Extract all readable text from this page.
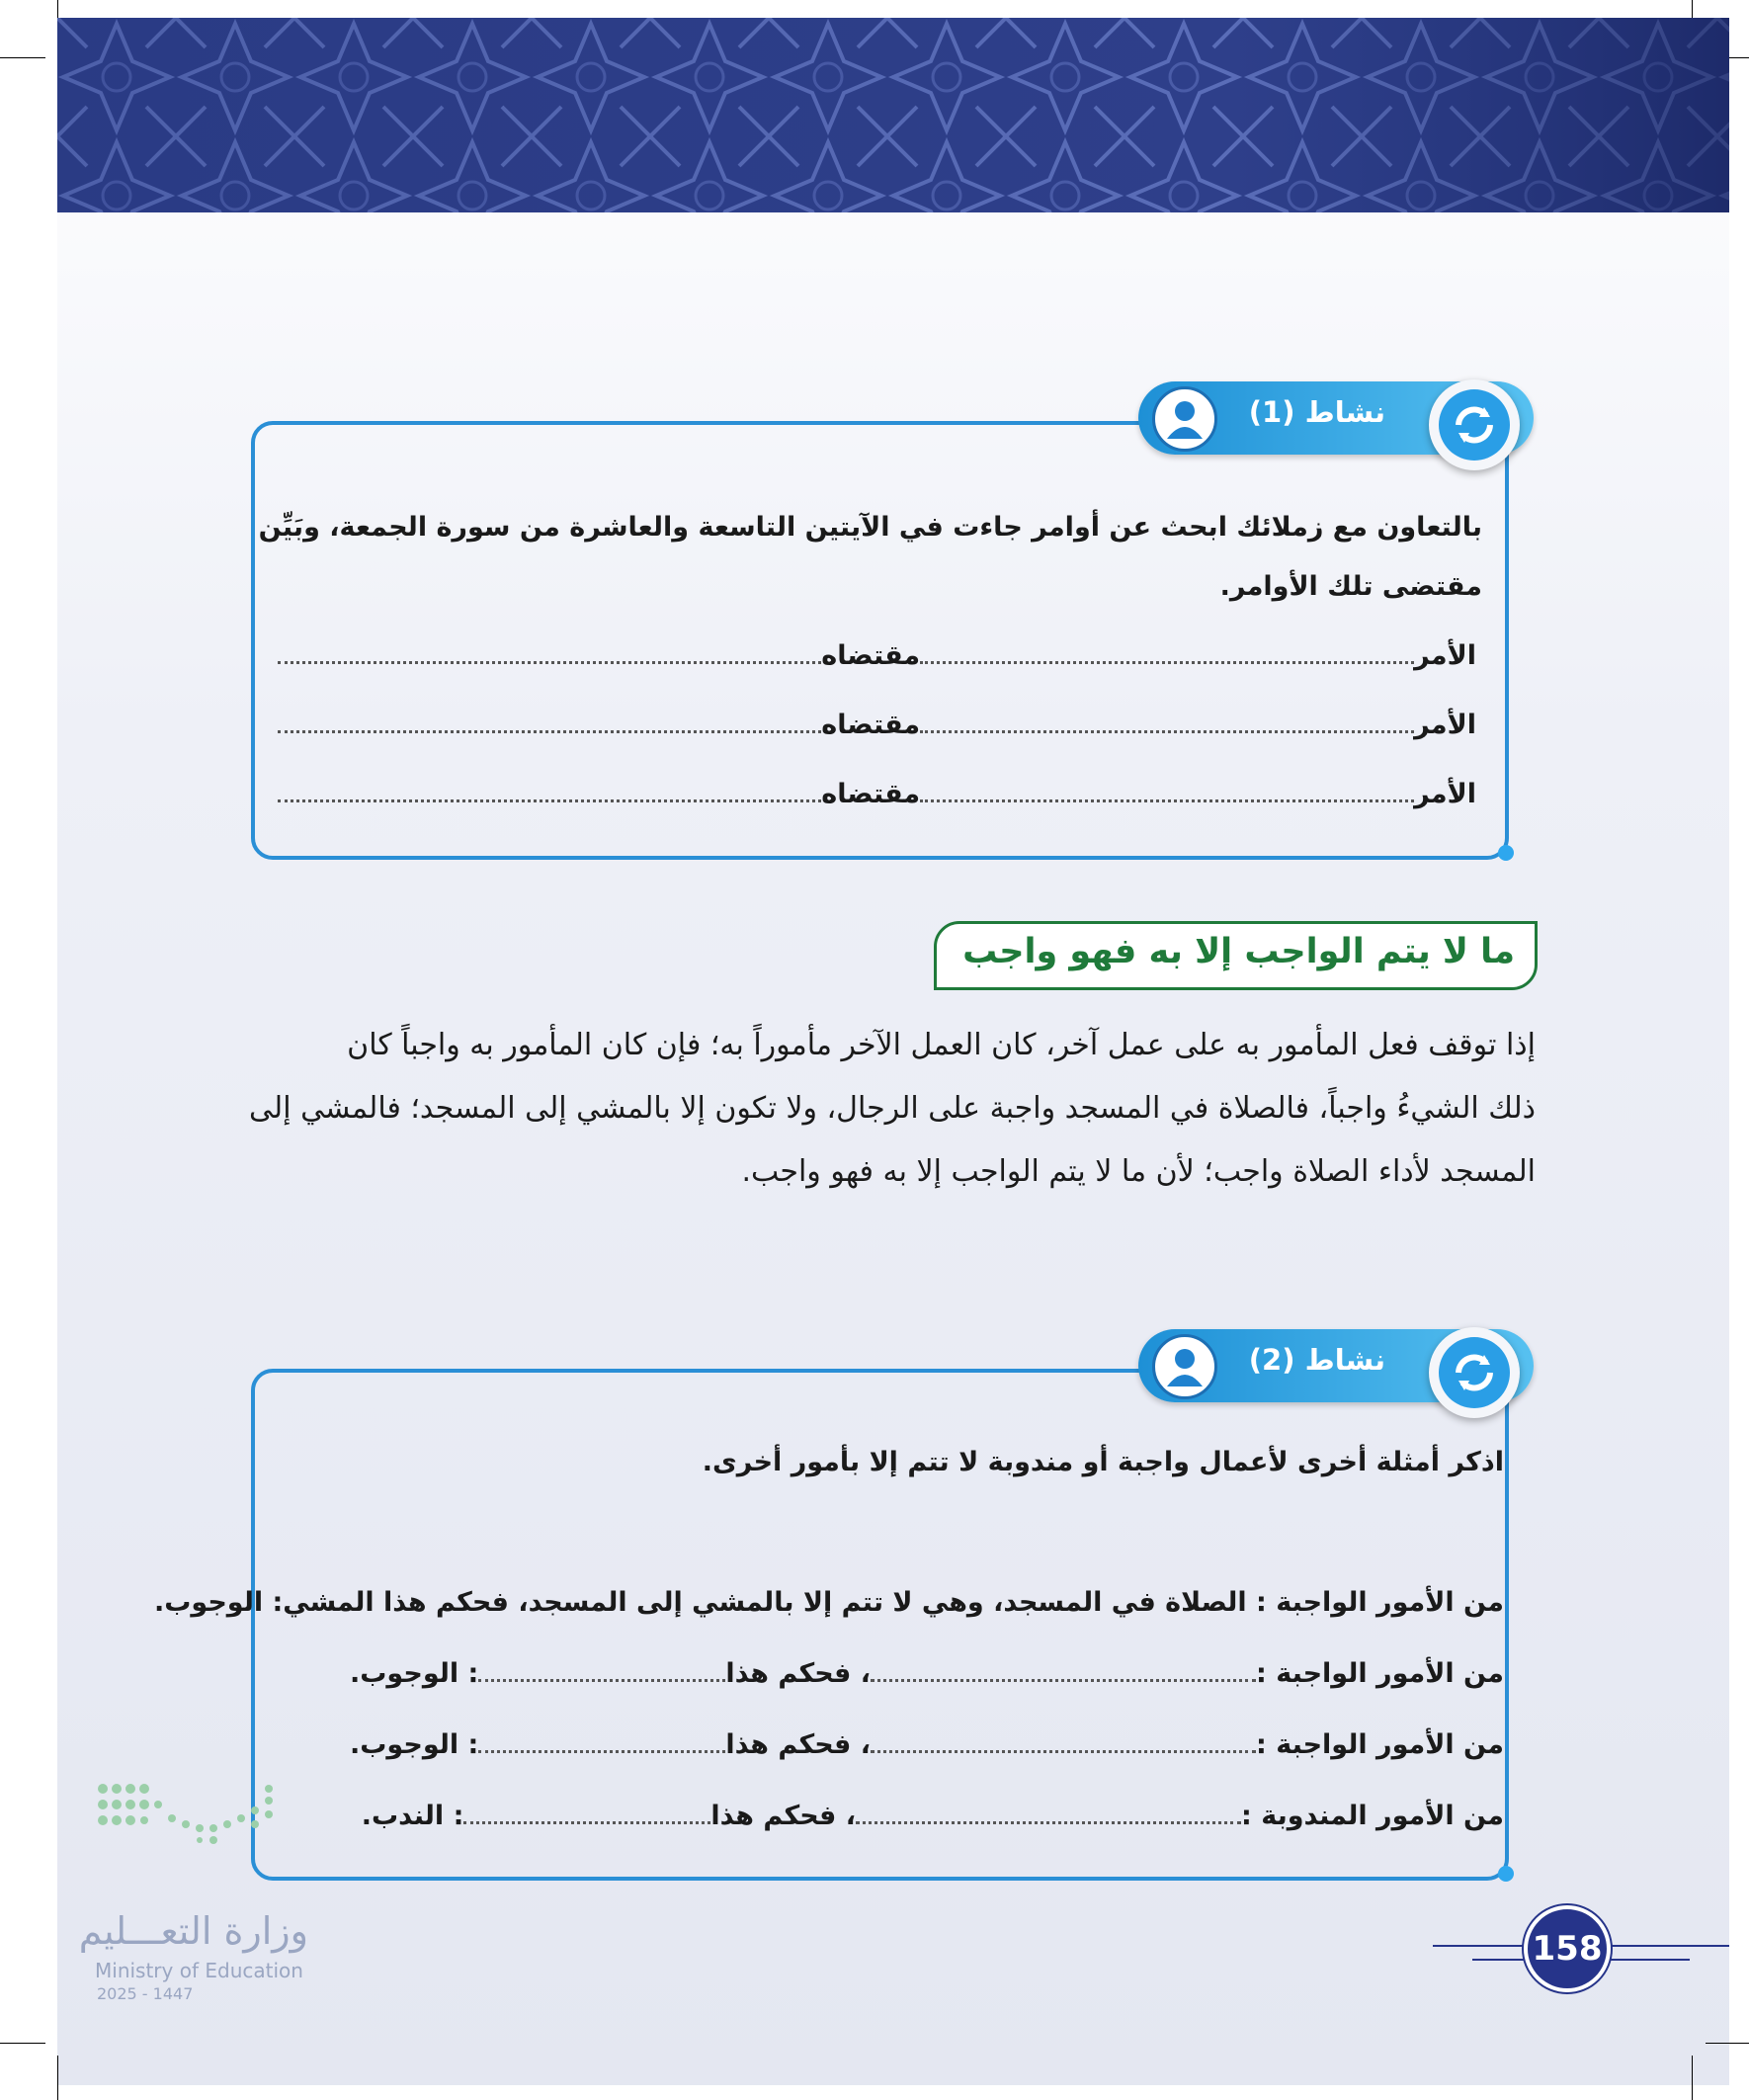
نشاط (1)
بالتعاون مع زملائك ابحث عن أوامر جاءت في الآيتين التاسعة والعاشرة من سورة الجمعة، وبَيِّن
مقتضى تلك الأوامر.
الأمرمقتضاه
الأمرمقتضاه
الأمرمقتضاه
ما لا يتم الواجب إلا به فهو واجب
إذا توقف فعل المأمور به على عمل آخر، كان العمل الآخر مأموراً به؛ فإن كان المأمور به واجباً كان
ذلك الشيءُ واجباً، فالصلاة في المسجد واجبة على الرجال، ولا تكون إلا بالمشي إلى المسجد؛ فالمشي إلى
المسجد لأداء الصلاة واجب؛ لأن ما لا يتم الواجب إلا به فهو واجب.
نشاط (2)
اذكر أمثلة أخرى لأعمال واجبة أو مندوبة لا تتم إلا بأمور أخرى.
من الأمور الواجبة : الصلاة في المسجد، وهي لا تتم إلا بالمشي إلى المسجد، فحكم هذا المشي: الوجوب.
من الأمور الواجبة :، فحكم هذا: الوجوب.
من الأمور الواجبة :، فحكم هذا: الوجوب.
من الأمور المندوبة :، فحكم هذا: الندب.
وزارة التعـــليم
Ministry of Education
2025 - 1447
158
